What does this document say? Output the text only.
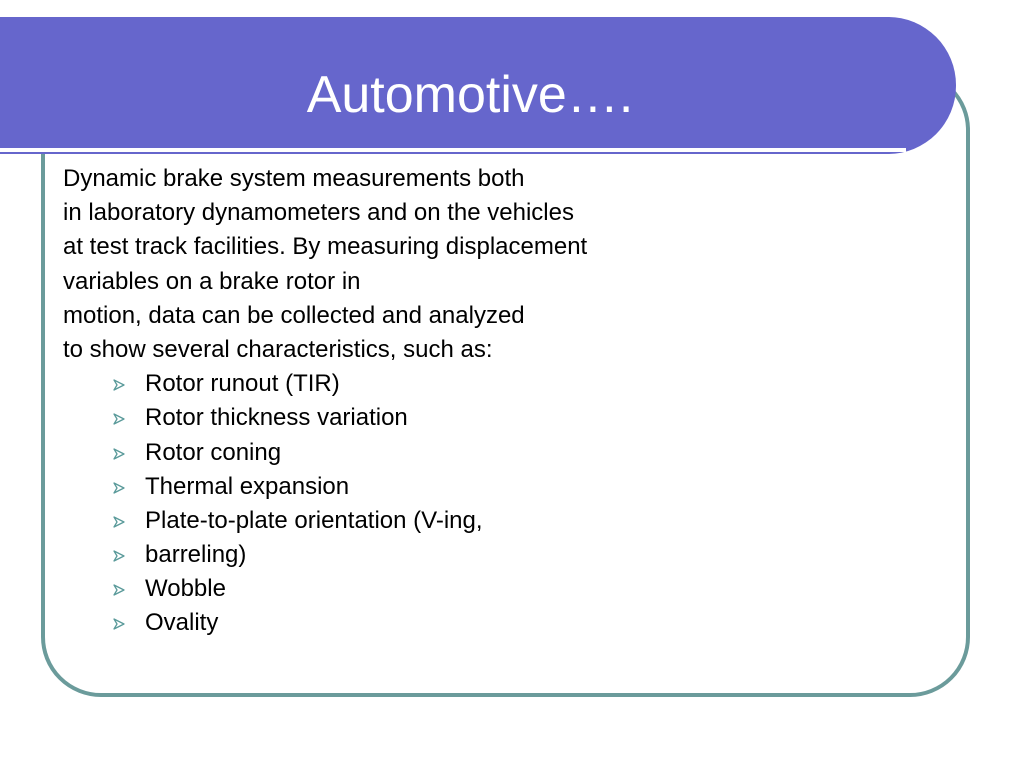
Automotive….
Dynamic brake system measurements both
in laboratory dynamometers and on the vehicles
at test track facilities. By measuring displacement
variables on a brake rotor in
motion, data can be collected and analyzed
to show several characteristics, such as:
Rotor runout (TIR)
Rotor thickness variation
Rotor coning
Thermal expansion
Plate-to-plate orientation (V-ing,
barreling)
Wobble
Ovality
